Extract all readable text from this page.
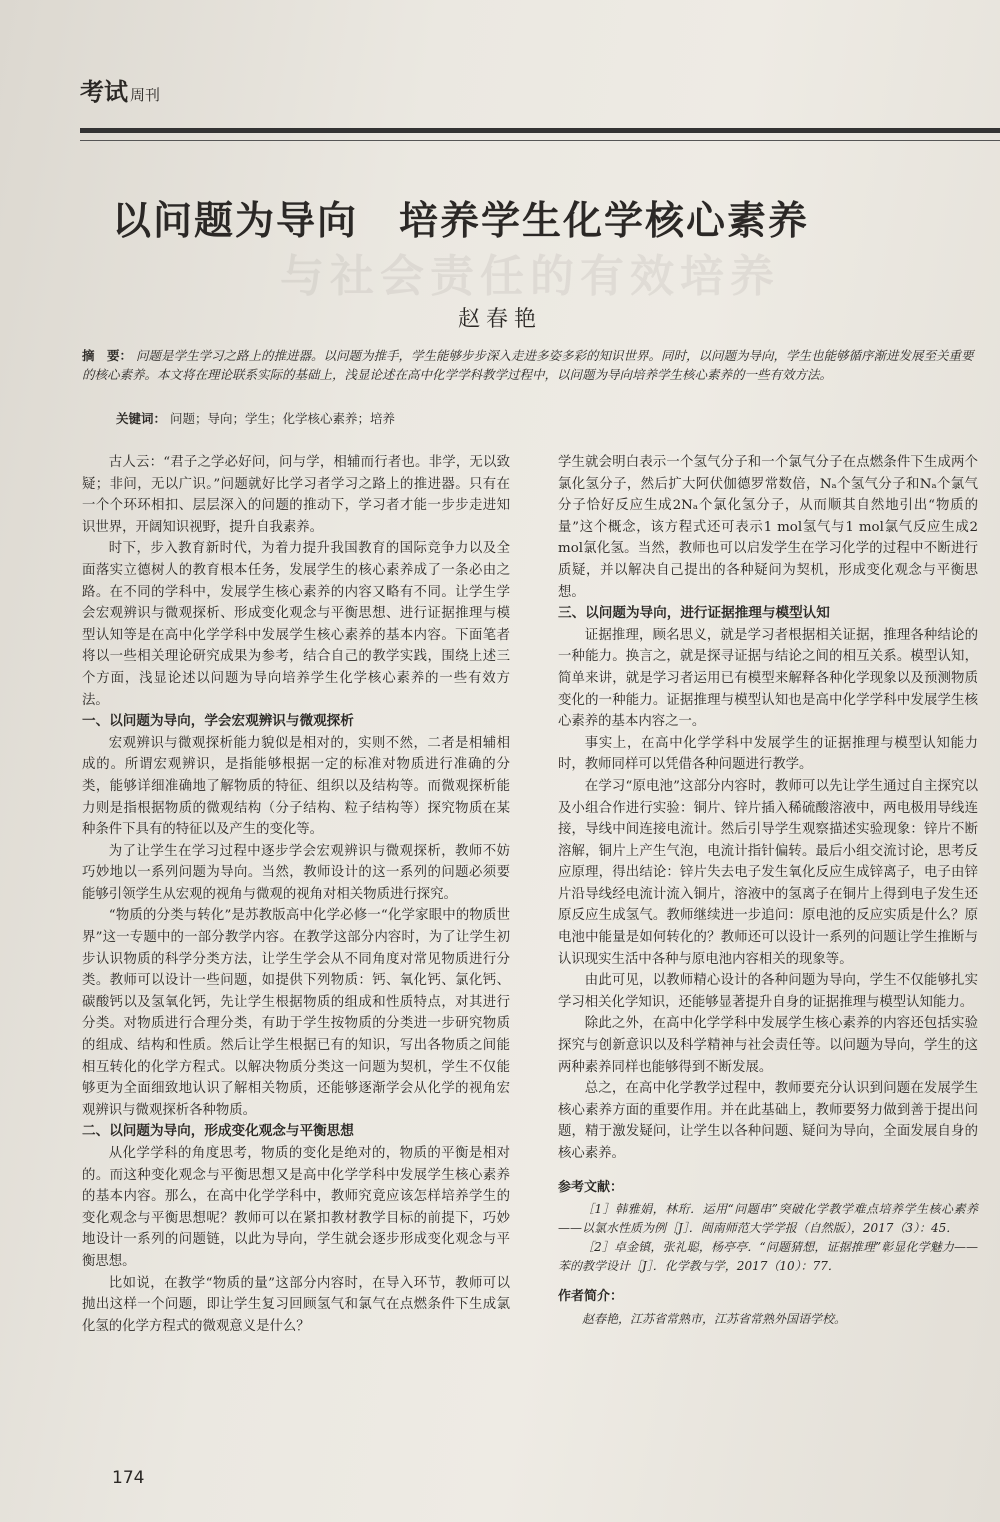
考试 周刊
与社会责任的有效培养
以问题为导向　培养学生化学核心素养
赵春艳
摘　要： 问题是学生学习之路上的推进器。以问题为推手，学生能够步步深入走进多姿多彩的知识世界。同时，以问题为导向，学生也能够循序渐进发展至关重要的核心素养。本文将在理论联系实际的基础上，浅显论述在高中化学学科教学过程中，以问题为导向培养学生核心素养的一些有效方法。
关键词： 问题；导向；学生；化学核心素养；培养

古人云：“君子之学必好问，问与学，相辅而行者也。非学，无以致疑；非问，无以广识。”问题就好比学习者学习之路上的推进器。只有在一个个环环相扣、层层深入的问题的推动下，学习者才能一步步走进知识世界，开阔知识视野，提升自我素养。

时下，步入教育新时代，为着力提升我国教育的国际竞争力以及全面落实立德树人的教育根本任务，发展学生的核心素养成了一条必由之路。在不同的学科中，发展学生核心素养的内容又略有不同。让学生学会宏观辨识与微观探析、形成变化观念与平衡思想、进行证据推理与模型认知等是在高中化学学科中发展学生核心素养的基本内容。下面笔者将以一些相关理论研究成果为参考，结合自己的教学实践，围绕上述三个方面，浅显论述以问题为导向培养学生化学核心素养的一些有效方法。

一、以问题为导向，学会宏观辨识与微观探析

宏观辨识与微观探析能力貌似是相对的，实则不然，二者是相辅相成的。所谓宏观辨识，是指能够根据一定的标准对物质进行准确的分类，能够详细准确地了解物质的特征、组织以及结构等。而微观探析能力则是指根据物质的微观结构（分子结构、粒子结构等）探究物质在某种条件下具有的特征以及产生的变化等。

为了让学生在学习过程中逐步学会宏观辨识与微观探析，教师不妨巧妙地以一系列问题为导向。当然，教师设计的这一系列的问题必须要能够引领学生从宏观的视角与微观的视角对相关物质进行探究。

“物质的分类与转化”是苏教版高中化学必修一“化学家眼中的物质世界”这一专题中的一部分教学内容。在教学这部分内容时，为了让学生初步认识物质的科学分类方法，让学生学会从不同角度对常见物质进行分类。教师可以设计一些问题，如提供下列物质：钙、氧化钙、氯化钙、碳酸钙以及氢氧化钙，先让学生根据物质的组成和性质特点，对其进行分类。对物质进行合理分类，有助于学生按物质的分类进一步研究物质的组成、结构和性质。然后让学生根据已有的知识，写出各物质之间能相互转化的化学方程式。以解决物质分类这一问题为契机，学生不仅能够更为全面细致地认识了解相关物质，还能够逐渐学会从化学的视角宏观辨识与微观探析各种物质。

二、以问题为导向，形成变化观念与平衡思想

从化学学科的角度思考，物质的变化是绝对的，物质的平衡是相对的。而这种变化观念与平衡思想又是高中化学学科中发展学生核心素养的基本内容。那么，在高中化学学科中，教师究竟应该怎样培养学生的变化观念与平衡思想呢？教师可以在紧扣教材教学目标的前提下，巧妙地设计一系列的问题链，以此为导向，学生就会逐步形成变化观念与平衡思想。

比如说，在教学“物质的量”这部分内容时，在导入环节，教师可以抛出这样一个问题，即让学生复习回顾氢气和氯气在点燃条件下生成氯化氢的化学方程式的微观意义是什么？

学生就会明白表示一个氢气分子和一个氯气分子在点燃条件下生成两个氯化氢分子，然后扩大阿伏伽德罗常数倍，Nₐ个氢气分子和Nₐ个氯气分子恰好反应生成2Nₐ个氯化氢分子，从而顺其自然地引出“物质的量”这个概念，该方程式还可表示1 mol氢气与1 mol氯气反应生成2 mol氯化氢。当然，教师也可以启发学生在学习化学的过程中不断进行质疑，并以解决自己提出的各种疑问为契机，形成变化观念与平衡思想。

三、以问题为导向，进行证据推理与模型认知

证据推理，顾名思义，就是学习者根据相关证据，推理各种结论的一种能力。换言之，就是探寻证据与结论之间的相互关系。模型认知，简单来讲，就是学习者运用已有模型来解释各种化学现象以及预测物质变化的一种能力。证据推理与模型认知也是高中化学学科中发展学生核心素养的基本内容之一。

事实上，在高中化学学科中发展学生的证据推理与模型认知能力时，教师同样可以凭借各种问题进行教学。

在学习“原电池”这部分内容时，教师可以先让学生通过自主探究以及小组合作进行实验：铜片、锌片插入稀硫酸溶液中，两电极用导线连接，导线中间连接电流计。然后引导学生观察描述实验现象：锌片不断溶解，铜片上产生气泡，电流计指针偏转。最后小组交流讨论，思考反应原理，得出结论：锌片失去电子发生氧化反应生成锌离子，电子由锌片沿导线经电流计流入铜片，溶液中的氢离子在铜片上得到电子发生还原反应生成氢气。教师继续进一步追问：原电池的反应实质是什么？原电池中能量是如何转化的？教师还可以设计一系列的问题让学生推断与认识现实生活中各种与原电池内容相关的现象等。

由此可见，以教师精心设计的各种问题为导向，学生不仅能够扎实学习相关化学知识，还能够显著提升自身的证据推理与模型认知能力。

除此之外，在高中化学学科中发展学生核心素养的内容还包括实验探究与创新意识以及科学精神与社会责任等。以问题为导向，学生的这两种素养同样也能够得到不断发展。

总之，在高中化学教学过程中，教师要充分认识到问题在发展学生核心素养方面的重要作用。并在此基础上，教师要努力做到善于提出问题，精于激发疑问，让学生以各种问题、疑问为导向，全面发展自身的核心素养。

参考文献：

［1］韩雅娟，林珩．运用“问题串”突破化学教学难点培养学生核心素养——以氯水性质为例［J］．闽南师范大学学报（自然版），2017（3）：45．

［2］卓金镇，张礼聪，杨亭亭．“问题猜想，证据推理”彰显化学魅力——苯的教学设计［J］．化学教与学，2017（10）：77．

作者简介：

赵春艳，江苏省常熟市，江苏省常熟外国语学校。

174
